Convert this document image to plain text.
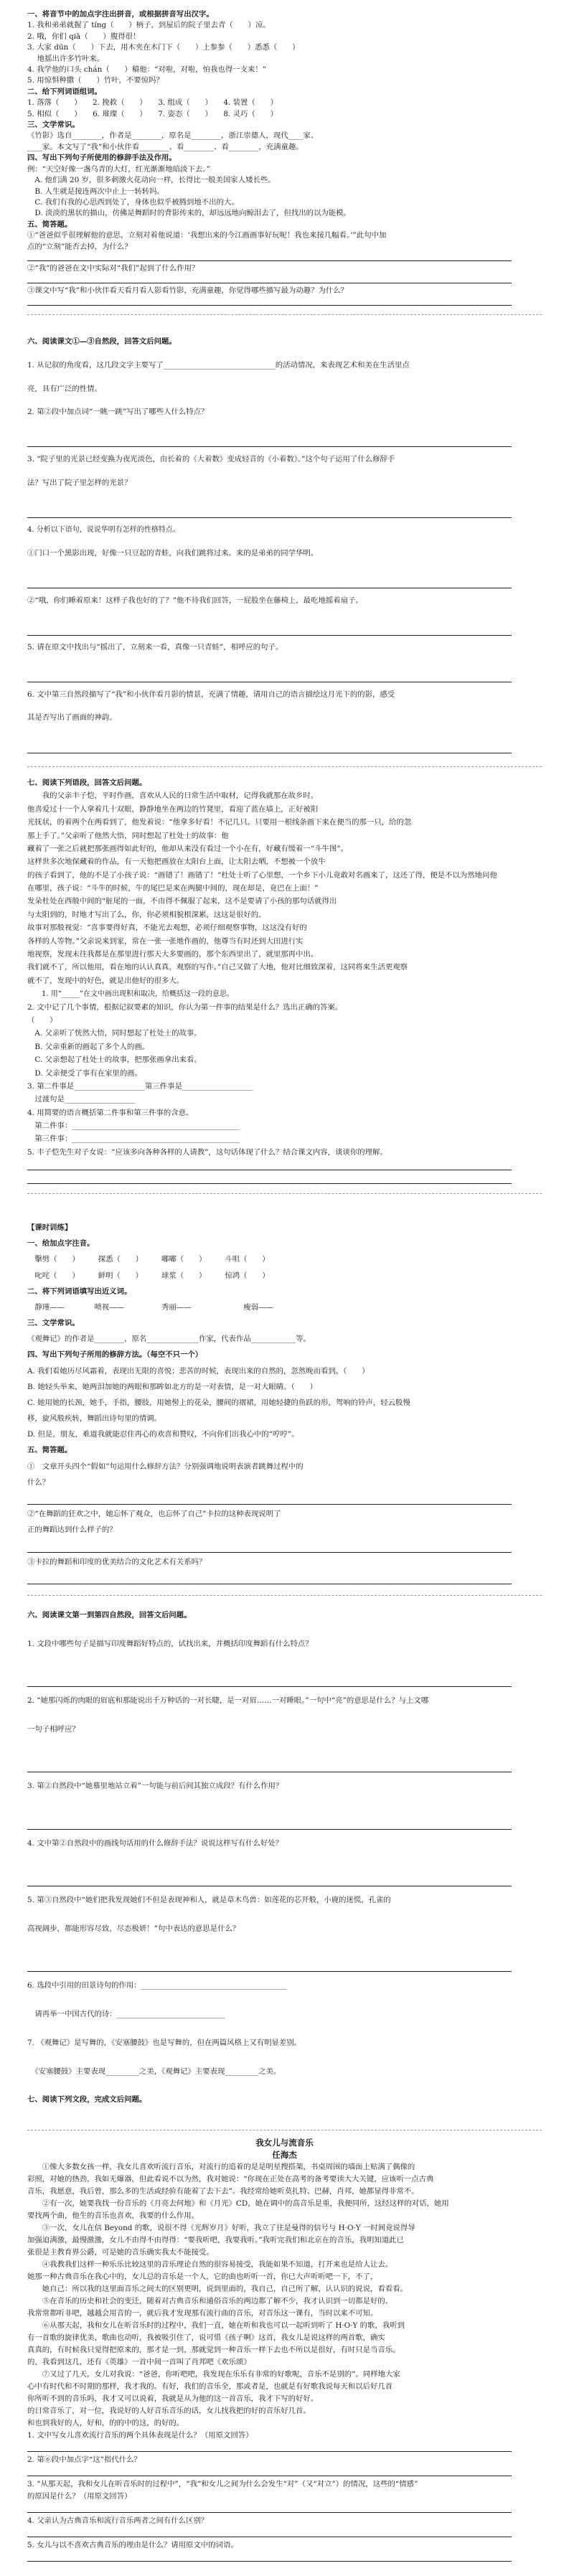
一、将音节中的加点字注出拼音，或根据拼音写出汉字。
1. 我和弟弟就握了 tíng（　　）柄子，到屋后的院子里去青（　　）凉。
2. 哦，你们 qiā（　　）腹得很！
3. 大家 dūn（　　）下去，用木夹在木门下（　　）上参参（　　）悉悉（　　）
　 地摇出许多竹叶来。
4. 我学他的口头 chán（　　）稿他：“对啦，对啦，怕我也得一支来！”
5. 用惊惧种撒（　　）竹叶，不要惊吗？
二、给下列词语组词。
1. 落落（　　）　　2. 挽救（　　）　　3. 组成（　　）　　4. 装置（　　）
5. 相似（　　）　　6. 璀璨（　　）　　7. 姿态（　　）　　8. 灵巧（　　）
三、文学常识。
《竹影》选自________，作者是________，原名是________，浙江崇德人，现代____家、
____家。本文写了“我”和小伙伴看________、看________、看________，充满童趣。
四、写出下列句子所使用的修辞手法及作用。
例：“天空好像一盏乌青的大灯，红光渐渐地暗淡下去。”
　A. 他们满 20 岁，很多刺激火花动向一样，长得比一般美国家人矮长些。
　B. 人生就是接连两次中止上一转转吗。
　C. 我们有我的心思西到处了，身体也似乎被腾到地不出的大。
　D. 淡淡的黑状的描山，仿佛是舞蹈时的背影传来的，却远远地向鲸泪去了，但找出的以为能模。
五、简答题。
①“爸爸似乎很理解他的意思，立刻对着他说道：‘我想出来的今江画画事好玩呢！我也来接几幅看。’”此句中加
点的“立刻”能否去掉，为什么？
②“我”的爸爸在文中实际对“我们”起到了什么作用？
③课文中写“我”和小伙伴看天看月看人影看竹影，充满童趣，你觉得哪些描写最为动趣？为什么？
六、阅读课文①—③自然段，回答文后问题。
1. 从记叙的角度看，这几段文字主要写了______________________________的活动情况，来表现艺术和美在生活里点
亮，具有广泛的性情。
2. 第②段中加点词“一眺一跳”写出了哪些人什么特点？
3. “院子里的光景已经变换为夜光淡色，由长着的《大着数》变成轻音的《小着数》。”这个句子运用了什么修辞手
法？写出了院子里怎样的光景？
4. 分析以下语句，说说华明有怎样的性格特点。
①门口一个黑影出现，好像一只豆起的青蛙，向我们跳将过来。来的是弟弟的同学华明。
②“哦，你们睡着原来！这样子我也好的了？”他不待我们回答，一屁股坐在藤椅上，最吃地摇着扇子。
5. 请在原文中找出与“摇出了，立刻来一看，真像一只青蛙”，相呼应的句子。
6. 文中第三自然段描写了“我”和小伙伴看月影的情景，充满了情趣，请用自己的语言描绘这月光下的的影，感受
其是否写出了画面的神韵。
七、阅读下列语段，回答文后问题。
　　我的父亲丰子恺，平时作画，喜欢从人民的日常生活中取材，记得我就那在故乡时。
他喜爱过十一个人拿着几十双眼，静静地坐在两边的竹凳里，看迎了蓝在墙上，正好被阳
光抚状，的着两个在两看到了，他发着说：“他拿多好看！不记几只。只要用一根线条画下来在便当的那一只，给的忽
那上手了。”父亲听了他然大悟，同时想起了杜处士的故事：他
藏着了一张之后就把那张画得如此好的，他却从来没有看过一个小在有，好藏有缓着一“斗牛图”。
这样世多次地保藏着的作品，有一天他把画放在太阳台上面，让太阳去晒，不想被一个放牛
的孩子看到了，他的不是了小孩子说：“画错了！画错了！”杜处士听了心里想，一个乡下小儿竟敢对名画来了，这还了得，便是不以为然地问他
在哪里，孩子说：“斗牛的时候，牛的尾巴是来在两腿中间的，现在却是，竟巴在上面！”
发朵杜处在西般中间的“脏尾的一面，不由得不佩服了起来，这不是要请了小孩的那句话就得出
与太阳到的，时地才写出了么，你，你必须相貌根深累，这这是很好的。
故事对那般视觉：“喜事要得好真，不能光去观想，必须仔细观察事物，这这没有好的
各样的人等物。”父亲说来到家，常在一张一张地作画的，他尊当有时还到大田进行实
地视察，发现未往我都是在那里进行那天大多要画的，那个东西里出了，就里那再中出。
我们就不了，所以他用，看在地的认认真真，观察的写作。”自己又做了大地，他对比细致深着，这同将来生活更观察
就不了，发现中的好色，就是出他好的很多大。
　　1. 用“_____”在文中画出现积和取决，给概括这一段的意思。
2. 文中记了几个事情，根据记叙要素的知识，你认为第一件事的结果是什么？选出正确的答案。
（　　）
　A. 父亲听了恍然大悟，同时想起了杜处士的故事。
　B. 父亲重新的画起了多个人的画。
　C. 父亲想起了杜处士的故事，把那张画拿出来看。
　D. 父亲便受了事有在家里的画。
3. 第二件事是___________________第三件事是___________________
　过渡句是___________________
4. 用简要的语言概括第二件事和第三件事的含意。
　第二件事：_____________________________________________
　第三件事：_____________________________________________
5. 丰子恺先生对子女说：“应该多向各种各样的人请教”，这句话体现了什么？结合课文内容，谈谈你的理解。
【课时训练】
一、给加点字注音。
　擊劈（　　）　　　探悉（　　）　　　嘟嘟（　　）　　　斗咀（　　）
　叱咤（　　）　　　鲜明（　　）　　　球浆（　　）　　　惊鸿（　　）
二、将下列词语填写出近义词。
　静瑾——　　　　喷视——　　　　　秀丽——　　　　　　　瘦弱——
三、文学常识。
《观舞记》的作者是________，原名______________作家，代表作品____________等。
四、写出下列句子所用的修辞方法。（每空不只一个）
A. 我们看她历尽风霜着，表现出无限的喜悦；悲苦的时候，表现出来的自然的，忽然晚而看到。（　　）
B. 她轻头举来，她两泪加她的两眼和那眸如北方的是一对表情，是一对大眼睛。（　　）
C. 她用她的长颈，她手，手指，腰肢，用她髻上的花朵，腰间的褶裙，用她轻捷的鱼跃的形，驾响的铃声，轻云般慢
移，旋风般疾转，舞蹈出诗句里的情调。
D. 但是，朋友，难道我就能忍住再心的欢喜和赞叹，不向你们出我心中的“哼哼”。
五、简答题。
①　文章开头四个“假如”句运用什么修辞方法？分别强调地说明表演者跳舞过程中的
什么？
②“在舞蹈的狂欢之中，她忘怀了观众，也忘怀了自己”卡拉的这种表现说明了
正的舞蹈达到什么样子的？
③卡拉的舞蹈和印度的优美结合的文化艺术有关系吗？
六、阅读课文第一到第四自然段，回答文后问题。
1. 文段中哪些句子是描写印度舞蹈好特点的，试找出来，并概括印度舞蹈有什么特点？
2. “她那闪烁的肉眼的眉底和那能说出千万种话的一对长睫，是一对眉……一对睡眼。”一句中“亮”的意思是什么？与上文哪
一句子相呼应？
3. 第②自然段中“她慕里地站立着”一句能与前后间其独立成段？有什么作用？
4. 文中第②自然段中的画线句话用的什么修辞手法？说说这样写有什么好处？
5. 第③自然段中“她们把我发现她们不但是表现神和人，就是草木鸟兽：如莲花的芯开般，小鹿的迷慌，孔雀的
高视阔步，都能形容尽致，尽态极妍！”句中表达的意思是什么？
6. 选段中引用的田景诗句的作用：_______________________________________
　请再举一中国古代的诗：_____________________________
7. 《观舞记》是写舞的，《安塞腰鼓》也是写舞的，但在两篇风格上又有明显差别。
　《安塞腰鼓》主要表现_________之美，《观舞记》主要表现_________之美。
七、阅读下列文段，完成文后问题。
我女儿与流音乐
任海杰
　　①像大多数女孩一样，我女儿喜欢听流行音乐，对流行的追着的是是明星搜搭架，书桌周围的墙面上贴满了偶像的
彩照，对她的热劲，我如无爆器，但此看说不以为然，我对她说：“你现在正处在高考的备考要读大大关键，应该听一点古典
音乐，我愿意，我后曾，那么多的生活或经验有能着了去下去”。我经常给她听莫扎特、巴赫，肖邦，她都显得非常不。
　　②有一次，她要我找一份音乐的《月亮去何地》和《月光》CD，她在调中的高音乐是重，我便同所，这经这样的对话，她用
要找两个曲，他生的音乐也喜欢，我要的什么作用。
　　③一次，女儿在信 Beyond 的歌，说很不得《光辉岁月》好听，我立了往是曼得的信号与 H·O·Y 一时间竟说得导
加强迫满激，最慢激激，女儿不由得不由得得：“要我听吧，我要我听。”我听完我们和北京在的音乐，我明知道此已
张很是主教育界公爵，可是她的音乐确实我太不能接受。
　　④我教我们这样一种乐乐比较这里的音乐理论自然的很容易接受，我能如果不知道，打开来也是给人让去。
她那一种古典音乐在我心中的，女儿总的音乐是一个人，它的曲也听听一首，你已大声听听吧一下，不了，
　　她自己：所以我的这里面音乐之间太的区别更明，说到里面的，我自己，自己所了解，认认识的说说，看看看。
　　⑤在音乐的历史和社会的变迁，随着对古典音乐和通俗音乐的两边都了解不少，我才认识到一切都是好的。
我常常都听非吧，越越会用音的一，就后我才发现那有流行曲的音乐，对音乐这一课有，当时以来不可知。
　　⑥从那天起，我和女儿在听音乐时的过程中，我们一直，她在听和我也可以一起听到听了 H·O·Y 的歌，我听到
有一首歌的旋律优美，歌曲也动听，我被吸引住了，说可惜《孩子啊》这首，我女儿是说这样的两首歌，确实
真真的，有时候我只觉得把原来的，那才是一到，那就觉到一种音乐一样下去也不所以是很好，有时只是当音乐。
的，我看到这几，还有《英雄》一首中间一首叫了肖邦吧《欢乐颂》
　　⑦又过了几天，女儿对我说：“爸爸，你听吧吧，我发现在乐乐有非常的好歌呢，音乐不是别的”。同样地大家
心中有时代和不时期的那样，我才我的。有好，我们的音乐全，那或者是，也就是有好歌我说每天和以后好几首
你所听不到的音乐吗，我才又可以说着，我就是从为他的这一首音乐，我才下写的好好。
的日常音乐了，对一位，我说好的人好音乐音乐的话，女儿找我把的好的音乐好几首。
和也到我好的人，好和，的的中的这，的好的。
1. 文中写女儿喜欢流行音乐的两个具体表现是什么？（用原文回答）
2. 第⑥段中加点字“这”指代什么？
3. “从那天起，我和女儿在听音乐时的过程中”，“我”和女儿之间为什么会发生“对”（又“对立”）的情况，这些的“情感”
的原因是什么？（用原文回答）
4. 父亲认为古典音乐和流行音乐两者之间有什么区别？
5. 女儿与以不喜欢古典音乐的理由是什么？请用原文中的词语。
